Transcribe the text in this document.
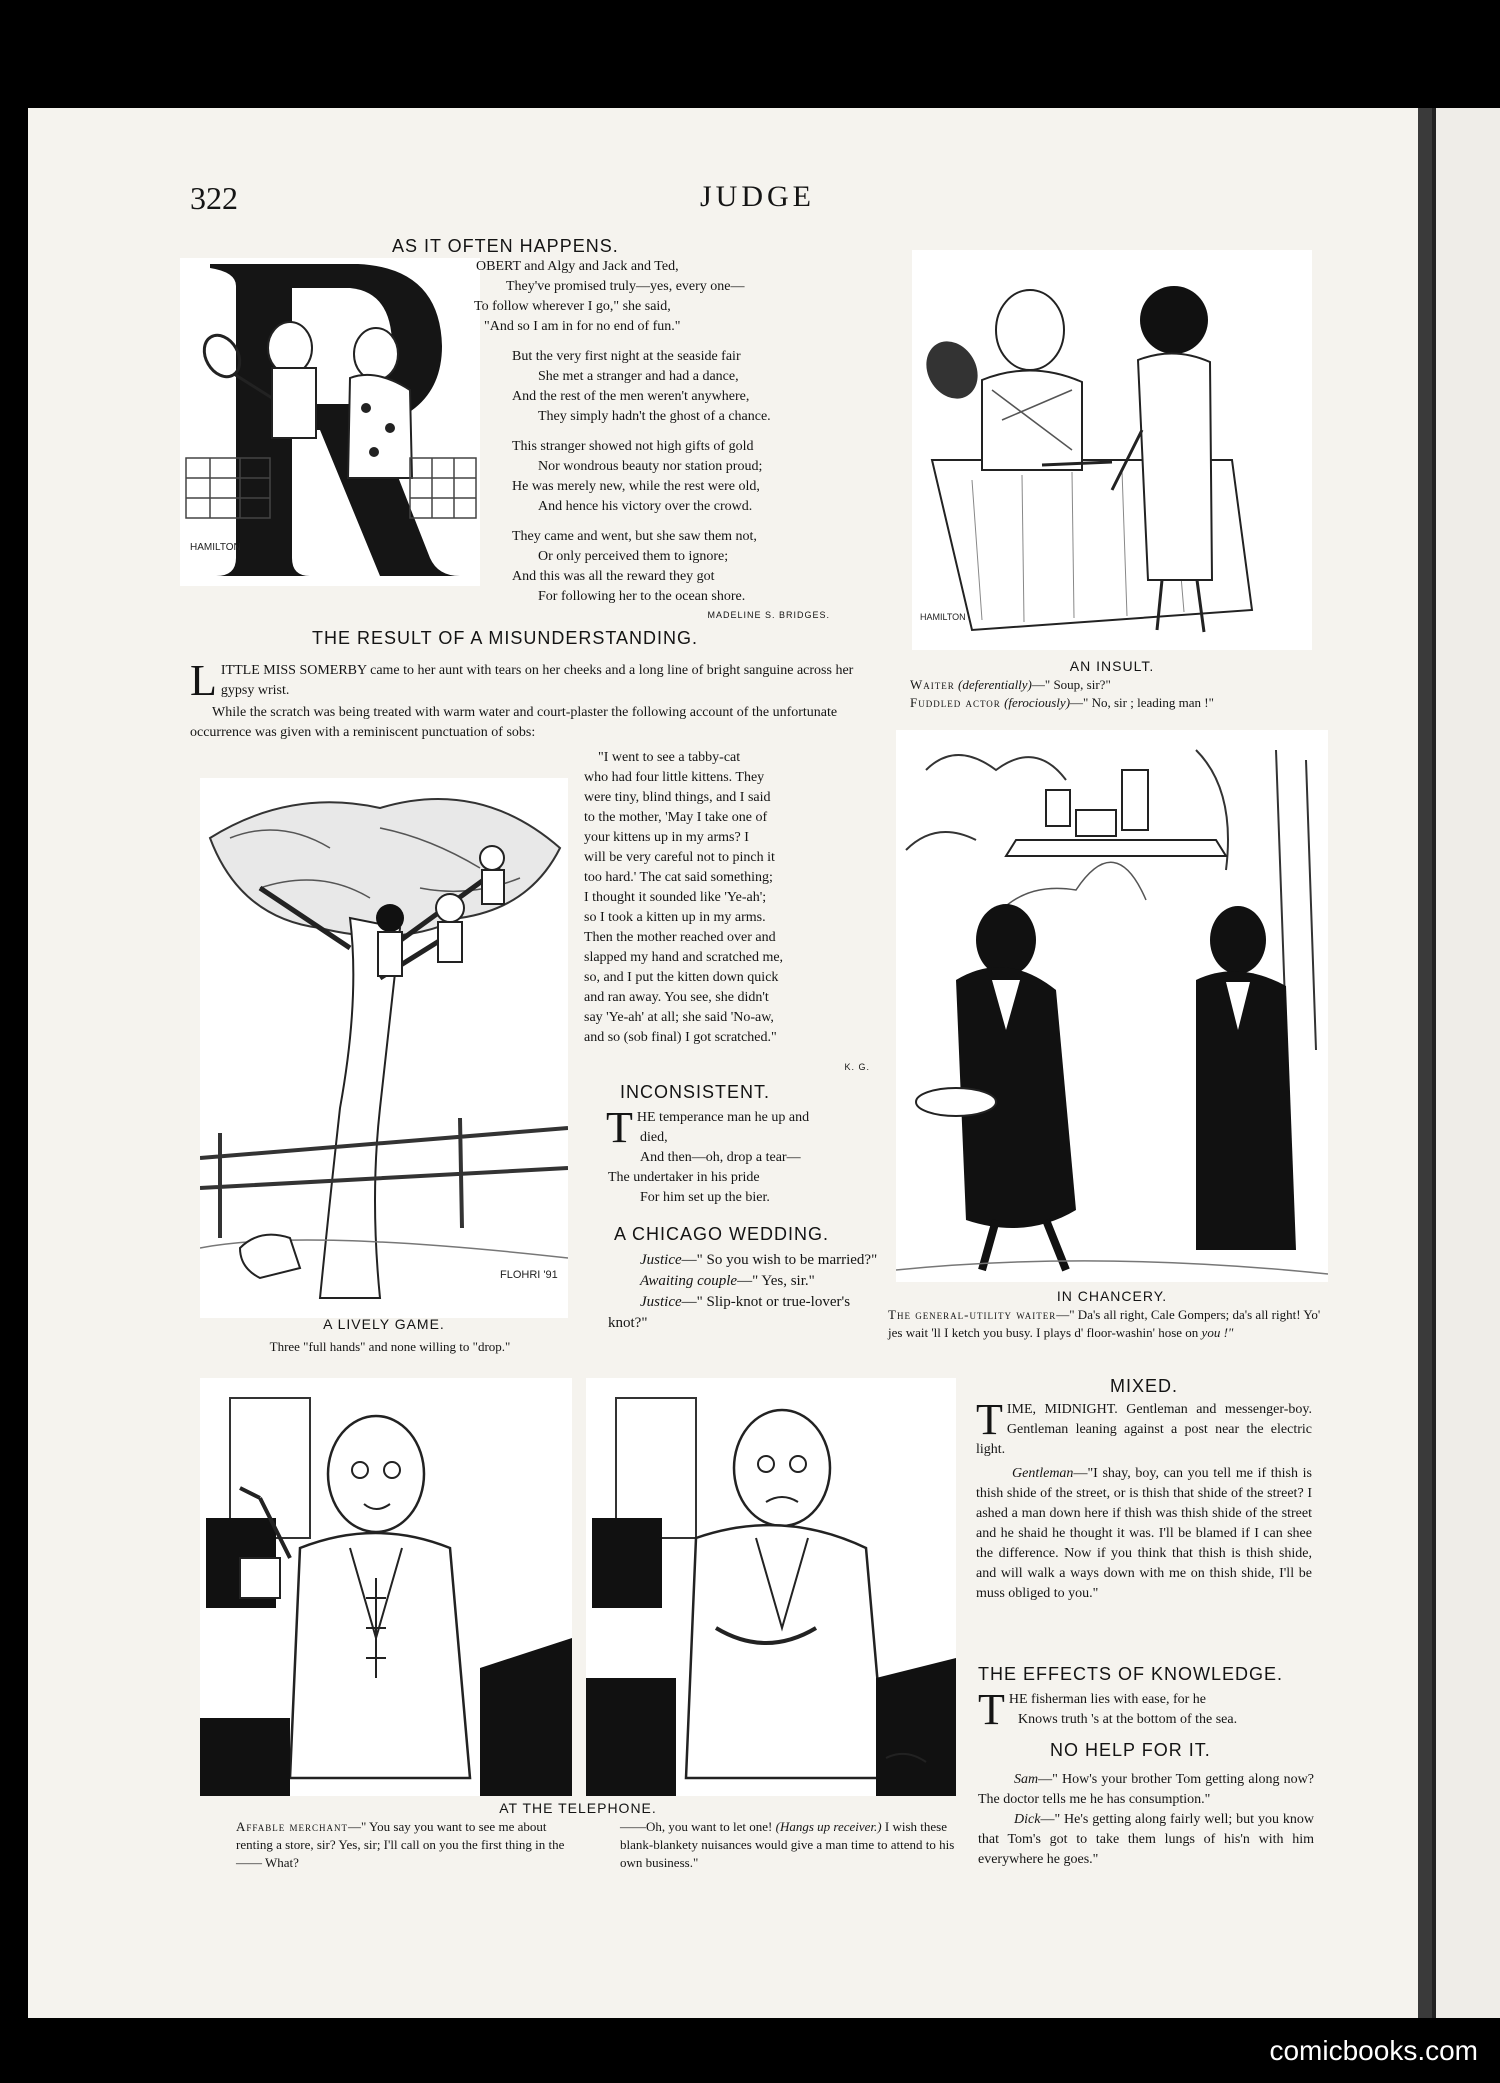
322	JUDGE
AS IT OFTEN HAPPENS.
HAMILTON

OBERT and Algy and Jack and Ted,

They've promised truly—yes, every one—

To follow wherever I go," she said,

"And so I am in for no end of fun."

But the very first night at the seaside fair

She met a stranger and had a dance,

And the rest of the men weren't anywhere,

They simply hadn't the ghost of a chance.

This stranger showed not high gifts of gold

Nor wondrous beauty nor station proud;

He was merely new, while the rest were old,

And hence his victory over the crowd.

They came and went, but she saw them not,

Or only perceived them to ignore;

And this was all the reward they got

For following her to the ocean shore.

MADELINE S. BRIDGES.	HAMILTON
AN INSULT.
Waiter (deferentially)—" Soup, sir?"
Fuddled actor (ferociously)—" No, sir ; leading man !"
THE RESULT OF A MISUNDERSTANDING.
LITTLE MISS SOMERBY came to her aunt with tears on her cheeks and a long line of bright sanguine across her gypsy wrist.
While the scratch was being treated with warm water and court-plaster the following account of the unfortunate occurrence was given with a reminiscent punctuation of sobs:

"I went to see a tabby-cat

who had four little kittens. They

were tiny, blind things, and I said

to the mother, 'May I take one of

your kittens up in my arms? I

will be very careful not to pinch it

too hard.' The cat said something;

I thought it sounded like 'Ye-ah';

so I took a kitten up in my arms.

Then the mother reached over and

slapped my hand and scratched me,

so, and I put the kitten down quick

and ran away. You see, she didn't

say 'Ye-ah' at all; she said 'No-aw,

and so (sob final) I got scratched."

K. G.
FLOHRI '91
A LIVELY GAME.
Three "full hands" and none willing to "drop."
INCONSISTENT.
THE temperance man he up and

died,

And then—oh, drop a tear—

The undertaker in his pride

For him set up the bier.

A CHICAGO WEDDING.

Justice—" So you wish to be married?"

Awaiting couple—" Yes, sir."

Justice—" Slip-knot or true-lover's knot?"

IN CHANCERY.
The general-utility waiter—" Da's all right, Cale Gompers; da's all right! Yo' jes wait 'll I ketch you busy. I plays d' floor-washin' hose on you !"
AT THE TELEPHONE.
Affable merchant—" You say you want to see me about renting a store, sir? Yes, sir; I'll call on you the first thing in the—— What?
——Oh, you want to let one! (Hangs up receiver.) I wish these blank-blankety nuisances would give a man time to attend to his own business."
MIXED.
TIME, MIDNIGHT. Gentleman and messenger-boy. Gentleman leaning against a post near the electric light.
Gentleman—"I shay, boy, can you tell me if thish is thish shide of the street, or is thish that shide of the street? I ashed a man down here if thish was thish shide of the street and he shaid he thought it was. I'll be blamed if I can shee the difference. Now if you think that thish is thish shide, and will walk a ways down with me on thish shide, I'll be muss obliged to you."
THE EFFECTS OF KNOWLEDGE.
THE fisherman lies with ease, for he

Knows truth 's at the bottom of the sea.

NO HELP FOR IT.

Sam—" How's your brother Tom getting along now? The doctor tells me he has consumption."

Dick—" He's getting along fairly well; but you know that Tom's got to take them lungs of his'n with him everywhere he goes."

comicbooks.com
